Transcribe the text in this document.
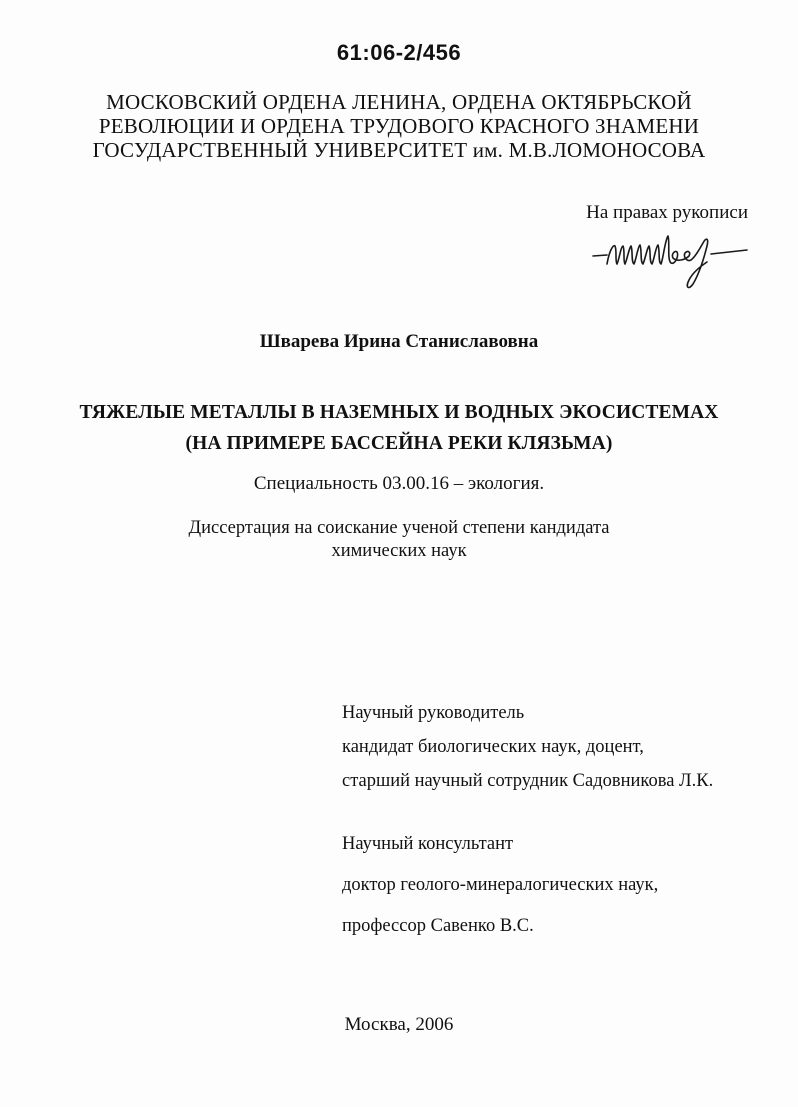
61:06-2/456
МОСКОВСКИЙ ОРДЕНА ЛЕНИНА, ОРДЕНА ОКТЯБРЬСКОЙ
РЕВОЛЮЦИИ И ОРДЕНА ТРУДОВОГО КРАСНОГО ЗНАМЕНИ
ГОСУДАРСТВЕННЫЙ УНИВЕРСИТЕТ им. М.В.ЛОМОНОСОВА
На правах рукописи
Шварева Ирина Станиславовна
ТЯЖЕЛЫЕ МЕТАЛЛЫ В НАЗЕМНЫХ И ВОДНЫХ ЭКОСИСТЕМАХ
(НА ПРИМЕРЕ БАССЕЙНА РЕКИ КЛЯЗЬМА)
Специальность 03.00.16 – экология.
Диссертация на соискание ученой степени кандидата
химических наук
Научный руководитель
кандидат биологических наук, доцент,
старший научный сотрудник Садовникова Л.К.
Научный консультант
доктор геолого-минералогических наук,
профессор Савенко В.С.
Москва, 2006
